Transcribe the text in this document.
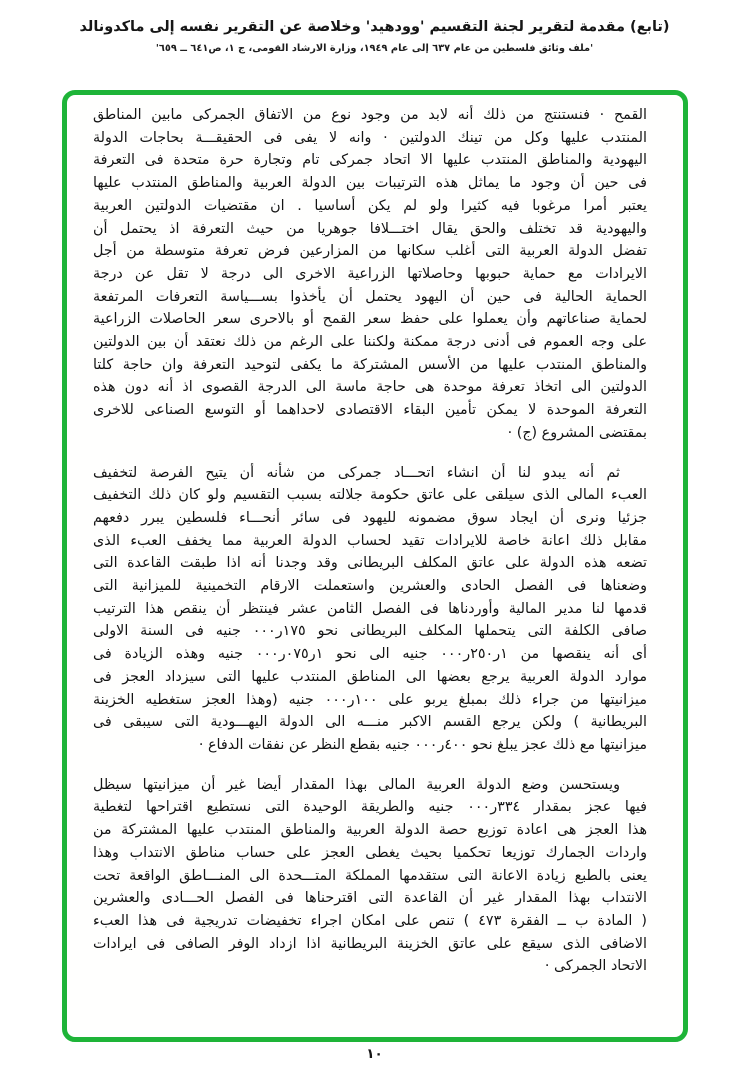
(تابع) مقدمة لتقرير لجنة التقسيم 'وودهيد' وخلاصة عن التقرير نفسه إلى ماكدونالد
'ملف وثائق فلسطين من عام ٦٣٧ إلى عام ١٩٤٩، وزارة الارشاد القومى، ج ١، ص٦٤١ ــ ٦٥٩'
القمح · فنستنتج من ذلك أنه لابد من وجود نوع من الاتفاق الجمركى مابين المناطق
المنتدب عليها وكل من تينك الدولتين · وانه لا يفى فى الحقيقـــة بحاجات الدولة
اليهودية والمناطق المنتدب عليها الا اتحاد جمركى تام وتجارة حرة متحدة فى التعرفة
فى حين أن وجود ما يماثل هذه الترتيبات بين الدولة العربية والمناطق المنتدب عليها
يعتبر أمرا مرغوبا فيه كثيرا ولو لم يكن أساسيا . ان مقتضيات الدولتين العربية
واليهودية قد تختلف والحق يقال اختـــلافا جوهريا من حيث التعرفة اذ يحتمل أن
تفضل الدولة العربية التى أغلب سكانها من المزارعين فرض تعرفة متوسطة من أجل
الايرادات مع حماية حبوبها وحاصلاتها الزراعية الاخرى الى درجة لا تقل عن درجة
الحماية الحالية فى حين أن اليهود يحتمل أن يأخذوا بســـياسة التعرفات المرتفعة
لحماية صناعاتهم وأن يعملوا على حفظ سعر القمح أو بالاحرى سعر الحاصلات الزراعية
على وجه العموم فى أدنى درجة ممكنة ولكننا على الرغم من ذلك نعتقد أن بين الدولتين
والمناطق المنتدب عليها من الأسس المشتركة ما يكفى لتوحيد التعرفة وان حاجة كلتا
الدولتين الى اتخاذ تعرفة موحدة هى حاجة ماسة الى الدرجة القصوى اذ أنه دون هذه
التعرفة الموحدة لا يمكن تأمين البقاء الاقتصادى لاحداهما أو التوسع الصناعى للاخرى
بمقتضى المشروع (ج) ·
ثم أنه يبدو لنا أن انشاء اتحـــاد جمركى من شأنه أن يتيح الفرصة لتخفيف
العبء المالى الذى سيلقى على عاتق حكومة جلالته بسبب التقسيم ولو كان ذلك التخفيف
جزئيا ونرى أن ايجاد سوق مضمونه لليهود فى سائر أنحـــاء فلسطين يبرر دفعهم
مقابل ذلك اعانة خاصة للايرادات تقيد لحساب الدولة العربية مما يخفف العبء الذى
تضعه هذه الدولة على عاتق المكلف البريطانى وقد وجدنا أنه اذا طبقت القاعدة التى
وضعناها فى الفصل الحادى والعشرين واستعملت الارقام التخمينية للميزانية التى
قدمها لنا مدير المالية وأوردناها فى الفصل الثامن عشر فينتظر أن ينقص هذا الترتيب
صافى الكلفة التى يتحملها المكلف البريطانى نحو ١٧٥ر٠٠٠ جنيه فى السنة الاولى
أى أنه ينقصها من ١ر٢٥٠ر٠٠٠ جنيه الى نحو ١ر٠٧٥ر٠٠٠ جنيه وهذه الزيادة فى
موارد الدولة العربية يرجع بعضها الى المناطق المنتدب عليها التى سيزداد العجز فى
ميزانيتها من جراء ذلك بمبلغ يربو على ١٠٠ر٠٠٠ جنيه (وهذا العجز ستغطيه الخزينة
البريطانية ) ولكن يرجع القسم الاكبر منـــه الى الدولة اليهـــودية التى سيبقى فى
ميزانيتها مع ذلك عجز يبلغ نحو ٤٠٠ر٠٠٠ جنيه بقطع النظر عن نفقات الدفاع ·
ويستحسن وضع الدولة العربية المالى بهذا المقدار أيضا غير أن ميزانيتها سيظل
فيها عجز بمقدار ٣٣٤ر٠٠٠ جنيه والطريقة الوحيدة التى نستطيع اقتراحها لتغطية
هذا العجز هى اعادة توزيع حصة الدولة العربية والمناطق المنتدب عليها المشتركة من
واردات الجمارك توزيعا تحكميا بحيث يغطى العجز على حساب مناطق الانتداب وهذا
يعنى بالطبع زيادة الاعانة التى ستقدمها المملكة المتـــحدة الى المنـــاطق الواقعة تحت
الانتداب بهذا المقدار غير أن القاعدة التى اقترحناها فى الفصل الحـــادى والعشرين
( المادة ب ــ الفقرة ٤٧٣ ) تنص على امكان اجراء تخفيضات تدريجية فى هذا العبء
الاضافى الذى سيقع على عاتق الخزينة البريطانية اذا ازداد الوفر الصافى فى ايرادات
الاتحاد الجمركى ·
١٠
